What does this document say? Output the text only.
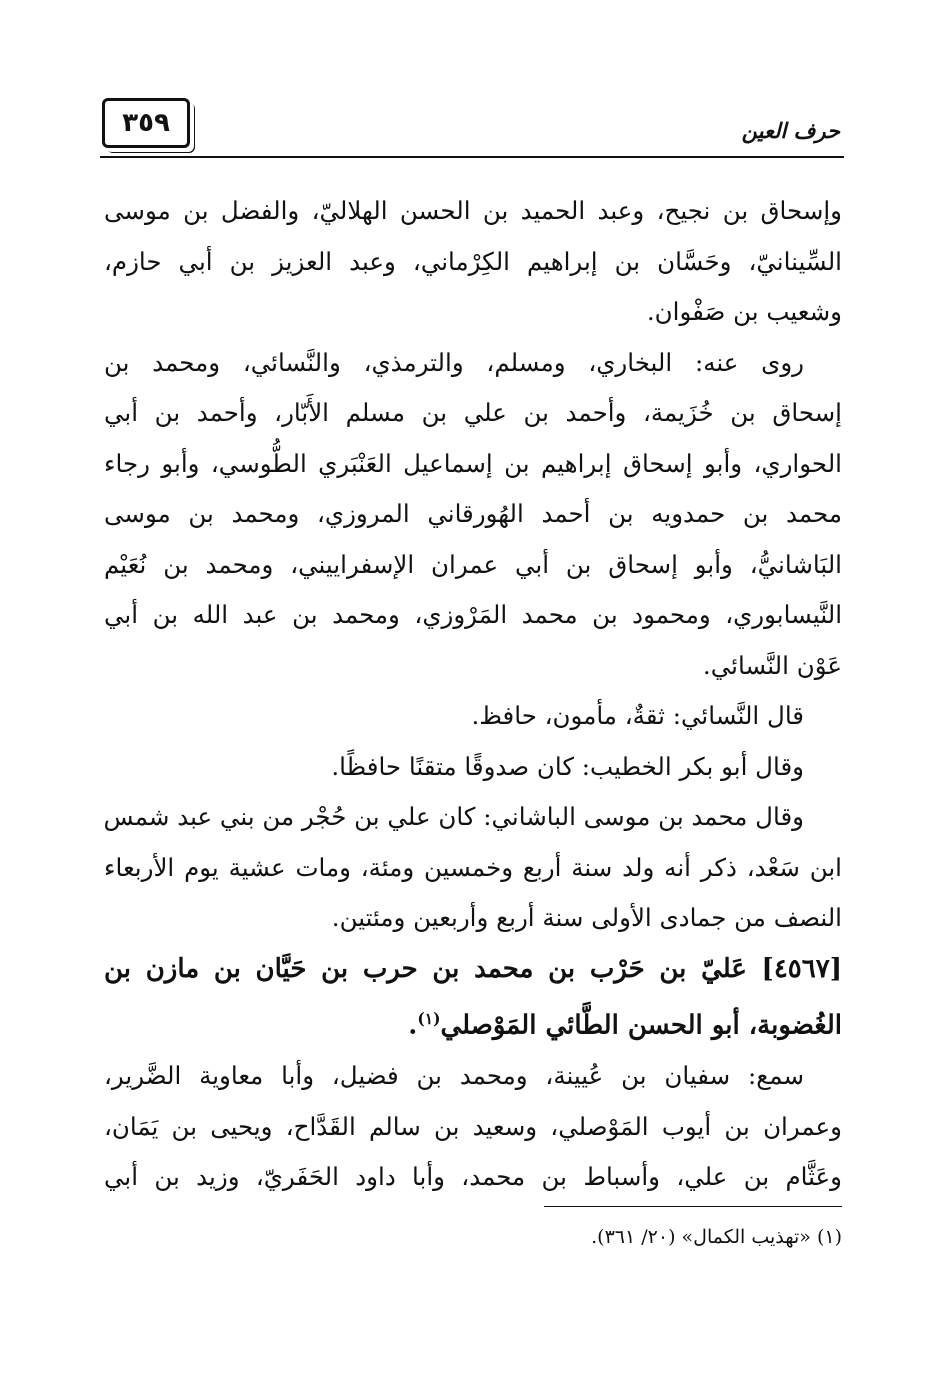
٣٥٩	حرف العين
وإسحاق بن نجيح، وعبد الحميد بن الحسن الهلاليّ، والفضل بن موسى
السِّينانيّ، وحَسَّان بن إبراهيم الكِرْماني، وعبد العزيز بن أبي حازم،
وشعيب بن صَفْوان.
روى عنه: البخاري، ومسلم، والترمذي، والنَّسائي، ومحمد بن
إسحاق بن خُزَيمة، وأحمد بن علي بن مسلم الأَبّار، وأحمد بن أبي
الحواري، وأبو إسحاق إبراهيم بن إسماعيل العَنْبَري الطُّوسي، وأبو رجاء
محمد بن حمدويه بن أحمد الهُورقاني المروزي، ومحمد بن موسى
البَاشانيُّ، وأبو إسحاق بن أبي عمران الإسفراييني، ومحمد بن نُعَيْم
النَّيسابوري، ومحمود بن محمد المَرْوزي، ومحمد بن عبد الله بن أبي
عَوْن النَّسائي.
قال النَّسائي: ثقةٌ، مأمون، حافظ.
وقال أبو بكر الخطيب: كان صدوقًا متقنًا حافظًا.
وقال محمد بن موسى الباشاني: كان علي بن حُجْر من بني عبد شمس
ابن سَعْد، ذكر أنه ولد سنة أربع وخمسين ومئة، ومات عشية يوم الأربعاء
النصف من جمادى الأولى سنة أربع وأربعين ومئتين.
[٤٥٦٧] عَليّ بن حَرْب بن محمد بن حرب بن حَيَّان بن مازن بن
الغُضوبة، أبو الحسن الطَّائي المَوْصلي$^{(١)}$.
سمع: سفيان بن عُيينة، ومحمد بن فضيل، وأبا معاوية الضَّرير،
وعمران بن أيوب المَوْصلي، وسعيد بن سالم القَدَّاح، ويحيى بن يَمَان،
وعَثَّام بن علي، وأسباط بن محمد، وأبا داود الحَفَريّ، وزيد بن أبي
(١) «تهذيب الكمال» (٢٠/ ٣٦١).
